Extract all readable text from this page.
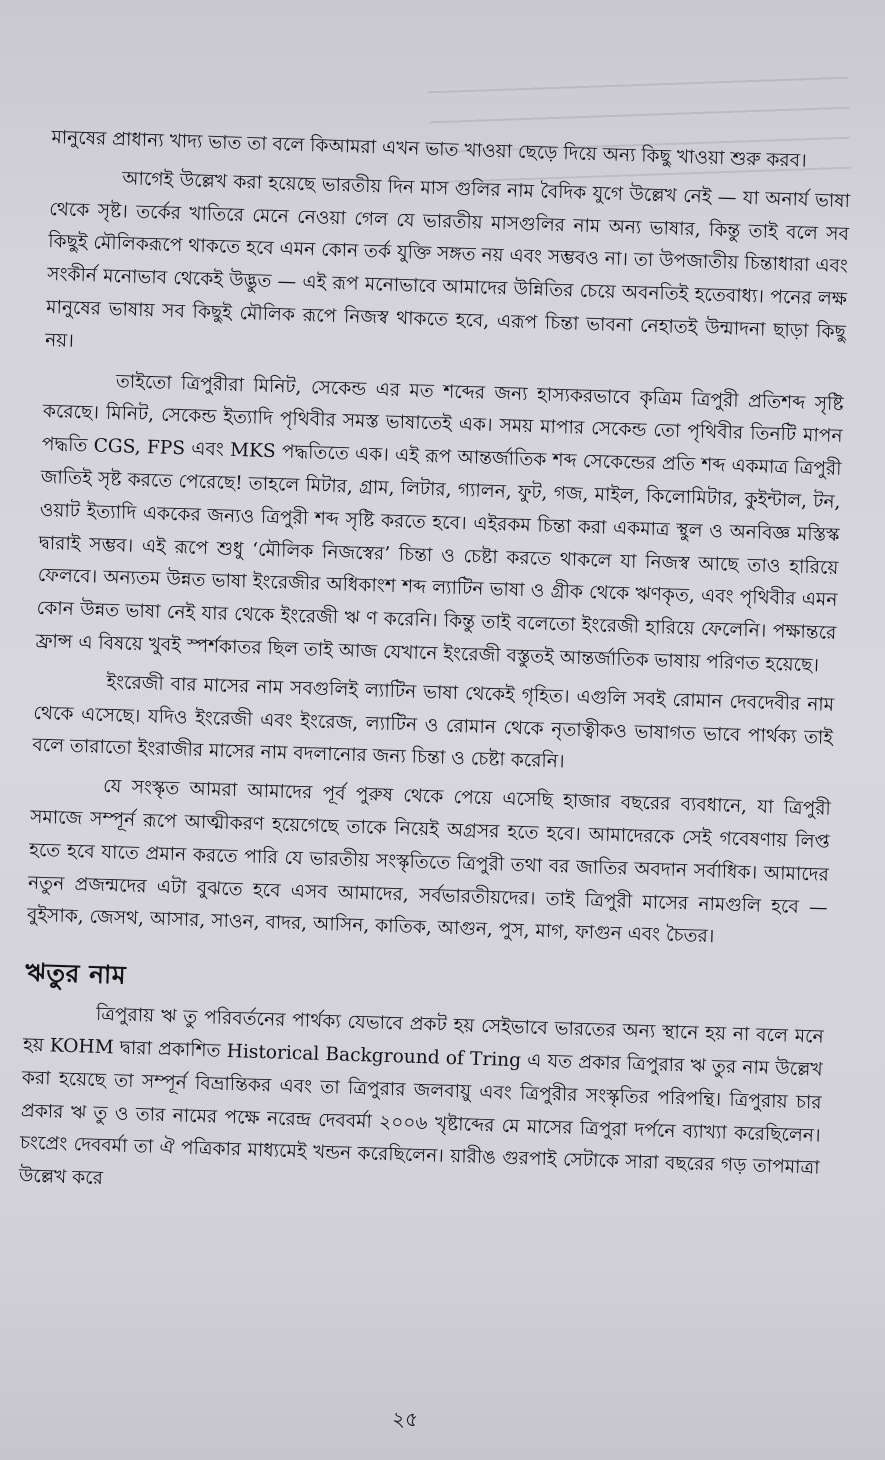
মানুষের প্রাধান্য খাদ্য ভাত তা বলে কিআমরা এখন ভাত খাওয়া ছেড়ে দিয়ে অন্য কিছু খাওয়া শুরু করব।

আগেই উল্লেখ করা হয়েছে ভারতীয় দিন মাস গুলির নাম বৈদিক যুগে উল্লেখ নেই — যা অনার্য ভাষা থেকে সৃষ্ট। তর্কের খাতিরে মেনে নেওয়া গেল যে ভারতীয় মাসগুলির নাম অন্য ভাষার, কিন্তু তাই বলে সব কিছুই মৌলিকরূপে থাকতে হবে এমন কোন তর্ক যুক্তি সঙ্গত নয় এবং সম্ভবও না। তা উপজাতীয় চিন্তাধারা এবং সংকীর্ন মনোভাব থেকেই উদ্ভুত — এই রূপ মনোভাবে আমাদের উন্নিতির চেয়ে অবনতিই হতেবাধ্য। পনের লক্ষ মানুষের ভাষায় সব কিছুই মৌলিক রূপে নিজস্ব থাকতে হবে, এরূপ চিন্তা ভাবনা নেহাতই উন্মাদনা ছাড়া কিছু নয়।

তাইতো ত্রিপুরীরা মিনিট, সেকেন্ড এর মত শব্দের জন্য হাস্যকরভাবে কৃত্রিম ত্রিপুরী প্রতিশব্দ সৃষ্টি করেছে। মিনিট, সেকেন্ড ইত্যাদি পৃথিবীর সমস্ত ভাষাতেই এক। সময় মাপার সেকেন্ড তো পৃথিবীর তিনটি মাপন পদ্ধতি CGS, FPS এবং MKS পদ্ধতিতে এক। এই রূপ আন্তর্জাতিক শব্দ সেকেন্ডের প্রতি শব্দ একমাত্র ত্রিপুরী জাতিই সৃষ্ট করতে পেরেছে! তাহলে মিটার, গ্রাম, লিটার, গ্যালন, ফুট, গজ, মাইল, কিলোমিটার, কুইন্টাল, টন, ওয়াট ইত্যাদি এককের জন্যও ত্রিপুরী শব্দ সৃষ্টি করতে হবে। এইরকম চিন্তা করা একমাত্র স্থুল ও অনবিজ্ঞ মস্তিস্ক দ্বারাই সম্ভব। এই রূপে শুধু ‘মৌলিক নিজস্বের’ চিন্তা ও চেষ্টা করতে থাকলে যা নিজস্ব আছে তাও হারিয়ে ফেলবে। অন্যতম উন্নত ভাষা ইংরেজীর অধিকাংশ শব্দ ল্যাটিন ভাষা ও গ্রীক থেকে ঋণকৃত, এবং পৃথিবীর এমন কোন উন্নত ভাষা নেই যার থেকে ইংরেজী ঋ ণ করেনি। কিন্তু তাই বলেতো ইংরেজী হারিয়ে ফেলেনি। পক্ষান্তরে ফ্রান্স এ বিষয়ে খুবই স্পর্শকাতর ছিল তাই আজ যেখানে ইংরেজী বস্তুতই আন্তর্জাতিক ভাষায় পরিণত হয়েছে।

ইংরেজী বার মাসের নাম সবগুলিই ল্যাটিন ভাষা থেকেই গৃহিত। এগুলি সবই রোমান দেবদেবীর নাম থেকে এসেছে। যদিও ইংরেজী এবং ইংরেজ, ল্যাটিন ও রোমান থেকে নৃতাত্বীকও ভাষাগত ভাবে পার্থক্য তাই বলে তারাতো ইংরাজীর মাসের নাম বদলানোর জন্য চিন্তা ও চেষ্টা করেনি।

যে সংস্কৃত আমরা আমাদের পূর্ব পুরুষ থেকে পেয়ে এসেছি হাজার বছরের ব্যবধানে, যা ত্রিপুরী সমাজে সম্পূর্ন রূপে আত্মীকরণ হয়েগেছে তাকে নিয়েই অগ্রসর হতে হবে। আমাদেরকে সেই গবেষণায় লিপ্ত হতে হবে যাতে প্রমান করতে পারি যে ভারতীয় সংস্কৃতিতে ত্রিপুরী তথা বর জাতির অবদান সর্বাধিক। আমাদের নতুন প্রজন্মদের এটা বুঝতে হবে এসব আমাদের, সর্বভারতীয়দের। তাই ত্রিপুরী মাসের নামগুলি হবে — বুইসাক, জেসথ, আসার, সাওন, বাদর, আসিন, কাতিক, আগুন, পুস, মাগ, ফাগুন এবং চৈতর।

ঋতুর নাম

ত্রিপুরায় ঋ তু পরিবর্তনের পার্থক্য যেভাবে প্রকট হয় সেইভাবে ভারতের অন্য স্থানে হয় না বলে মনে হয় KOHM দ্বারা প্রকাশিত Historical Background of Tring এ যত প্রকার ত্রিপুরার ঋ তুর নাম উল্লেখ করা হয়েছে তা সম্পূর্ন বিভ্রান্তিকর এবং তা ত্রিপুরার জলবায়ু এবং ত্রিপুরীর সংস্কৃতির পরিপন্থি। ত্রিপুরায় চার প্রকার ঋ তু ও তার নামের পক্ষে নরেন্দ্র দেববর্মা ২০০৬ খৃষ্টাব্দের মে মাসের ত্রিপুরা দর্পনে ব্যাখ্যা করেছিলেন। চংপ্রেং দেববর্মা তা ঐ পত্রিকার মাধ্যমেই খন্ডন করেছিলেন। য়ারীঙ গুরপাই সেটাকে সারা বছরের গড় তাপমাত্রা উল্লেখ করে

২৫
